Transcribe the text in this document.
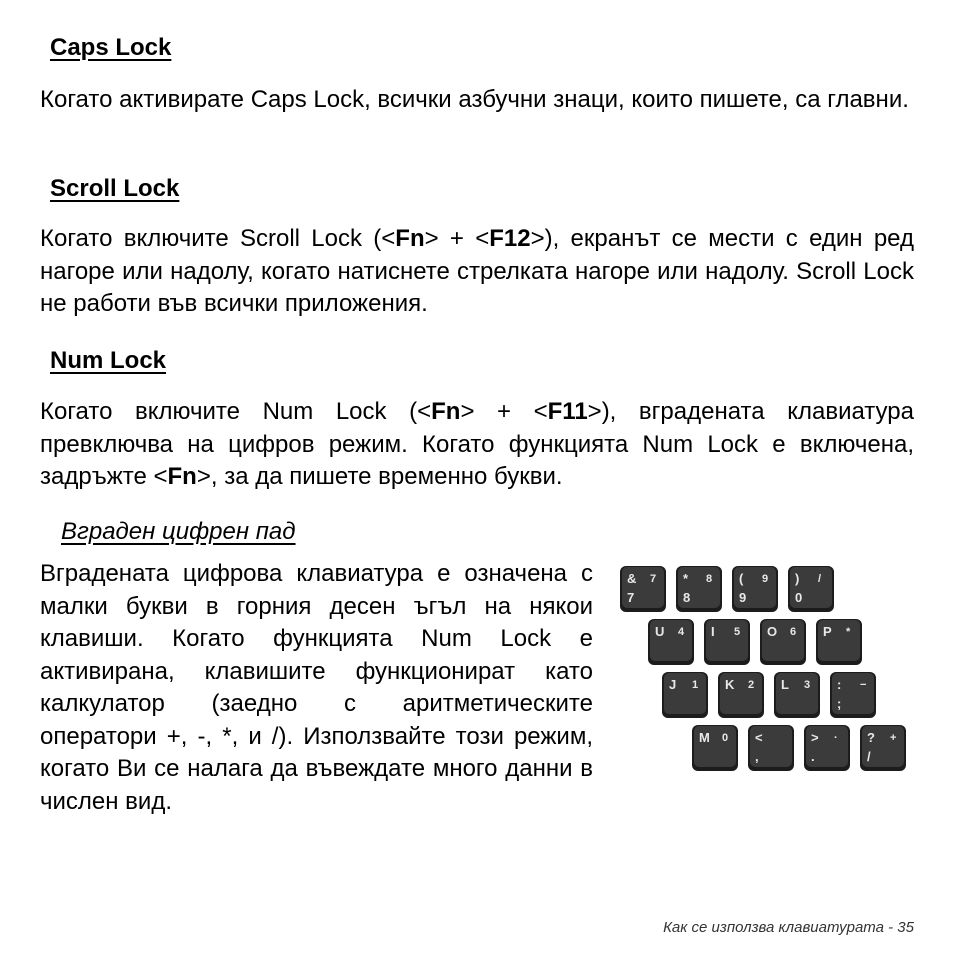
Caps Lock

Когато активирате Caps Lock, всички азбучни знаци, които пишете, са главни.

Scroll Lock

Когато включите Scroll Lock (<Fn> + <F12>), екранът се мести с един ред нагоре или надолу, когато натиснете стрелката нагоре или надолу. Scroll Lock не работи във всички приложения.

Num Lock

Когато включите Num Lock (<Fn> + <F11>), вградената клавиатура превключва на цифров режим. Когато функцията Num Lock е включена, задръжте <Fn>, за да пишете временно букви.

Вграден цифрен пад

Вградената цифрова клавиатура е означена с малки букви в горния десен ъгъл на някои клавиши. Когато функцията Num Lock е активирана, клавишите функционират като калкулатор (заедно с аритметическите оператори +, -, *, и /). Използвайте този режим, когато Ви се налага да въвеждате много данни в числен вид.

&
7
7 *
8
8 (
9
9 )
0
/
U 4 I 5 O 6 P *
J 1 K 2 L 3 :
;
−
M 0 <
,
>
.
· ?
/
+
Как се използва клавиатурата - 35
